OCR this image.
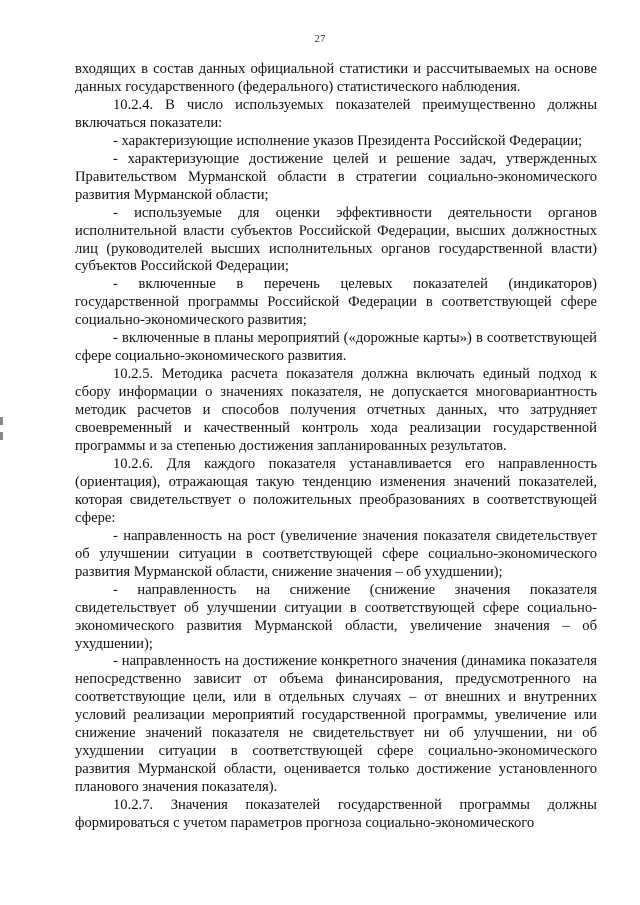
27

входящих в состав данных официальной статистики и рассчитываемых на основе данных государственного (федерального) статистического наблюдения.

10.2.4. В число используемых показателей преимущественно должны включаться показатели:

- характеризующие исполнение указов Президента Российской Федерации;

- характеризующие достижение целей и решение задач, утвержденных Правительством Мурманской области в стратегии социально-экономического развития Мурманской области;

- используемые для оценки эффективности деятельности органов исполнительной власти субъектов Российской Федерации, высших должностных лиц (руководителей высших исполнительных органов государственной власти) субъектов Российской Федерации;

- включенные в перечень целевых показателей (индикаторов) государственной программы Российской Федерации в соответствующей сфере социально-экономического развития;

- включенные в планы мероприятий («дорожные карты») в соответствующей сфере социально-экономического развития.

10.2.5. Методика расчета показателя должна включать единый подход к сбору информации о значениях показателя, не допускается многовариантность методик расчетов и способов получения отчетных данных, что затрудняет своевременный и качественный контроль хода реализации государственной программы и за степенью достижения запланированных результатов.

10.2.6. Для каждого показателя устанавливается его направленность (ориентация), отражающая такую тенденцию изменения значений показателей, которая свидетельствует о положительных преобразованиях в соответствующей сфере:

- направленность на рост (увеличение значения показателя свидетельствует об улучшении ситуации в соответствующей сфере социально-экономического развития Мурманской области, снижение значения – об ухудшении);

- направленность на снижение (снижение значения показателя свидетельствует об улучшении ситуации в соответствующей сфере социально-экономического развития Мурманской области, увеличение значения – об ухудшении);

- направленность на достижение конкретного значения (динамика показателя непосредственно зависит от объема финансирования, предусмотренного на соответствующие цели, или в отдельных случаях – от внешних и внутренних условий реализации мероприятий государственной программы, увеличение или снижение значений показателя не свидетельствует ни об улучшении, ни об ухудшении ситуации в соответствующей сфере социально-экономического развития Мурманской области, оценивается только достижение установленного планового значения показателя).

10.2.7. Значения показателей государственной программы должны формироваться с учетом параметров прогноза социально-экономического
